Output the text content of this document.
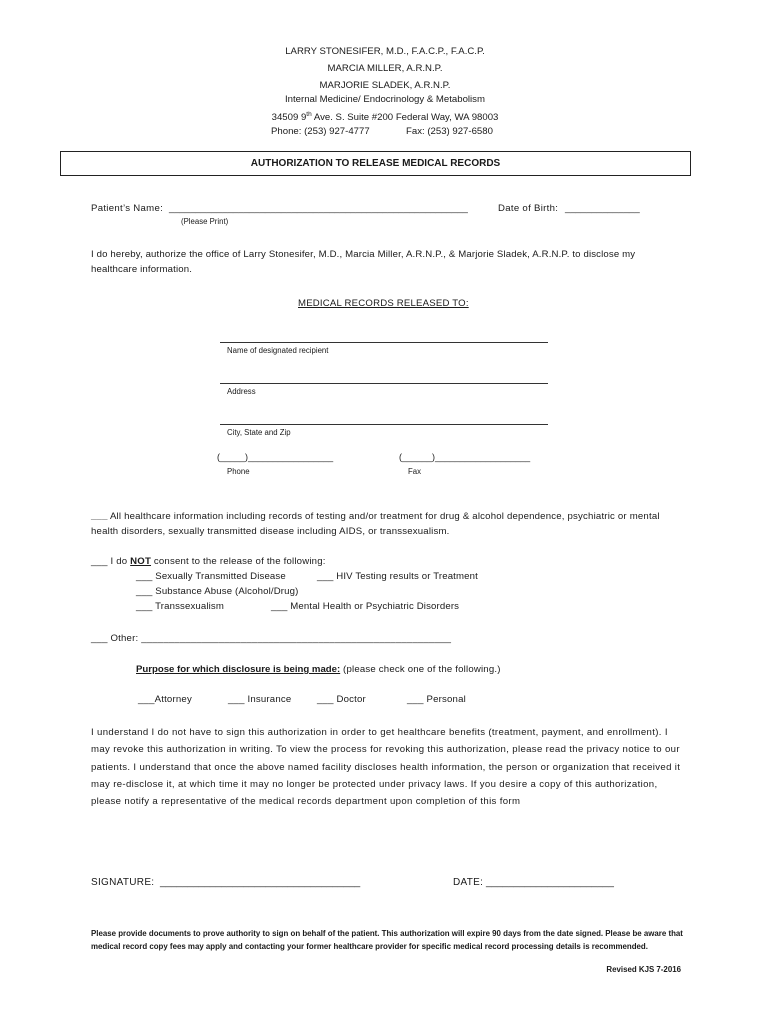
LARRY STONESIFER, M.D., F.A.C.P., F.A.C.P.
MARCIA MILLER, A.R.N.P.
MARJORIE SLADEK, A.R.N.P.
Internal Medicine/ Endocrinology & Metabolism
34509 9th Ave. S. Suite #200 Federal Way, WA 98003
Phone: (253) 927-4777	Fax: (253) 927-6580
AUTHORIZATION TO RELEASE MEDICAL RECORDS
Patient’s Name: ________________________________________________________	Date of Birth: ______________
(Please Print)
I do hereby, authorize the office of Larry Stonesifer, M.D., Marcia Miller, A.R.N.P., & Marjorie Sladek, A.R.N.P. to disclose my healthcare information.
MEDICAL RECORDS RELEASED TO:
Name of designated recipient
Address
City, State and Zip
(_____)_________________
Phone
(______)___________________
Fax
___ All healthcare information including records of testing and/or treatment for drug & alcohol dependence, psychiatric or mental health disorders, sexually transmitted disease including AIDS, or transsexualism.
___ I do NOT consent to the release of the following:
___ Sexually Transmitted Disease	___ HIV Testing results or Treatment
___ Substance Abuse (Alcohol/Drug)
___ Transsexualism	___ Mental Health or Psychiatric Disorders
___ Other: ________________________________________________________
Purpose for which disclosure is being made: (please check one of the following.)
___Attorney	___ Insurance	___ Doctor	___ Personal
I understand I do not have to sign this authorization in order to get healthcare benefits (treatment, payment, and enrollment). I may revoke this authorization in writing. To view the process for revoking this authorization, please read the privacy notice to our patients. I understand that once the above named facility discloses health information, the person or organization that received it may re-disclose it, at which time it may no longer be protected under privacy laws. If you desire a copy of this authorization, please notify a representative of the medical records department upon completion of this form
SIGNATURE: ____________________________________	DATE: _______________________
Please provide documents to prove authority to sign on behalf of the patient. This authorization will expire 90 days from the date signed. Please be aware that medical record copy fees may apply and contacting your former healthcare provider for specific medical record processing details is recommended.
Revised KJS 7-2016
